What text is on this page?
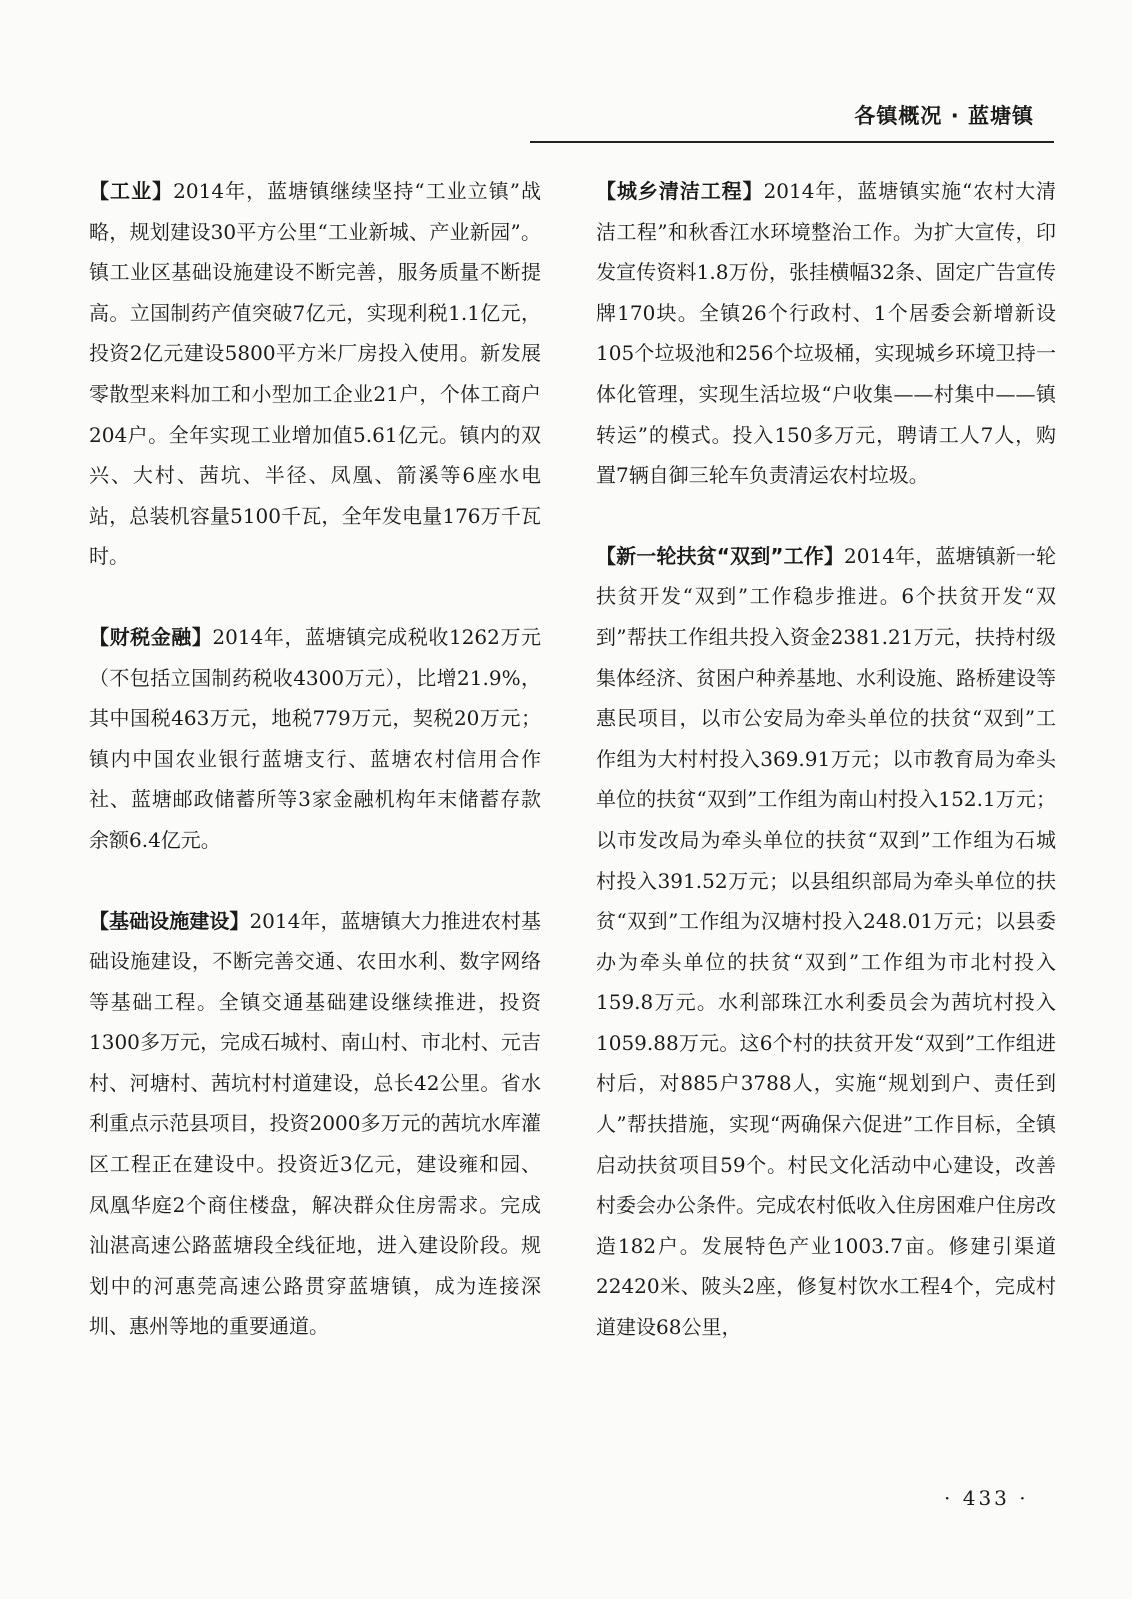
各镇概况 · 蓝塘镇
【工业】2014年，蓝塘镇继续坚持“工业立镇”战略，规划建设30平方公里“工业新城、产业新园”。镇工业区基础设施建设不断完善，服务质量不断提高。立国制药产值突破7亿元，实现利税1.1亿元，投资2亿元建设5800平方米厂房投入使用。新发展零散型来料加工和小型加工企业21户，个体工商户204户。全年实现工业增加值5.61亿元。镇内的双兴、大村、茜坑、半径、凤凰、箭溪等6座水电站，总装机容量5100千瓦，全年发电量176万千瓦时。
【财税金融】2014年，蓝塘镇完成税收1262万元（不包括立国制药税收4300万元），比增21.9%，其中国税463万元，地税779万元，契税20万元；镇内中国农业银行蓝塘支行、蓝塘农村信用合作社、蓝塘邮政储蓄所等3家金融机构年末储蓄存款余额6.4亿元。
【基础设施建设】2014年，蓝塘镇大力推进农村基础设施建设，不断完善交通、农田水利、数字网络等基础工程。全镇交通基础建设继续推进，投资1300多万元，完成石城村、南山村、市北村、元吉村、河塘村、茜坑村村道建设，总长42公里。省水利重点示范县项目，投资2000多万元的茜坑水库灌区工程正在建设中。投资近3亿元，建设雍和园、凤凰华庭2个商住楼盘，解决群众住房需求。完成汕湛高速公路蓝塘段全线征地，进入建设阶段。规划中的河惠莞高速公路贯穿蓝塘镇，成为连接深圳、惠州等地的重要通道。
【城乡清洁工程】2014年，蓝塘镇实施“农村大清洁工程”和秋香江水环境整治工作。为扩大宣传，印发宣传资料1.8万份，张挂横幅32条、固定广告宣传牌170块。全镇26个行政村、1个居委会新增新设105个垃圾池和256个垃圾桶，实现城乡环境卫持一体化管理，实现生活垃圾“户收集——村集中——镇转运”的模式。投入150多万元，聘请工人7人，购置7辆自御三轮车负责清运农村垃圾。
【新一轮扶贫“双到”工作】2014年，蓝塘镇新一轮扶贫开发“双到”工作稳步推进。6个扶贫开发“双到”帮扶工作组共投入资金2381.21万元，扶持村级集体经济、贫困户种养基地、水利设施、路桥建设等惠民项目，以市公安局为牵头单位的扶贫“双到”工作组为大村村投入369.91万元；以市教育局为牵头单位的扶贫“双到”工作组为南山村投入152.1万元；以市发改局为牵头单位的扶贫“双到”工作组为石城村投入391.52万元；以县组织部局为牵头单位的扶贫“双到”工作组为汉塘村投入248.01万元；以县委办为牵头单位的扶贫“双到”工作组为市北村投入159.8万元。水利部珠江水利委员会为茜坑村投入1059.88万元。这6个村的扶贫开发“双到”工作组进村后，对885户3788人，实施“规划到户、责任到人”帮扶措施，实现“两确保六促进”工作目标，全镇启动扶贫项目59个。村民文化活动中心建设，改善村委会办公条件。完成农村低收入住房困难户住房改造182户。发展特色产业1003.7亩。修建引渠道22420米、陂头2座，修复村饮水工程4个，完成村道建设68公里，
· 433 ·
